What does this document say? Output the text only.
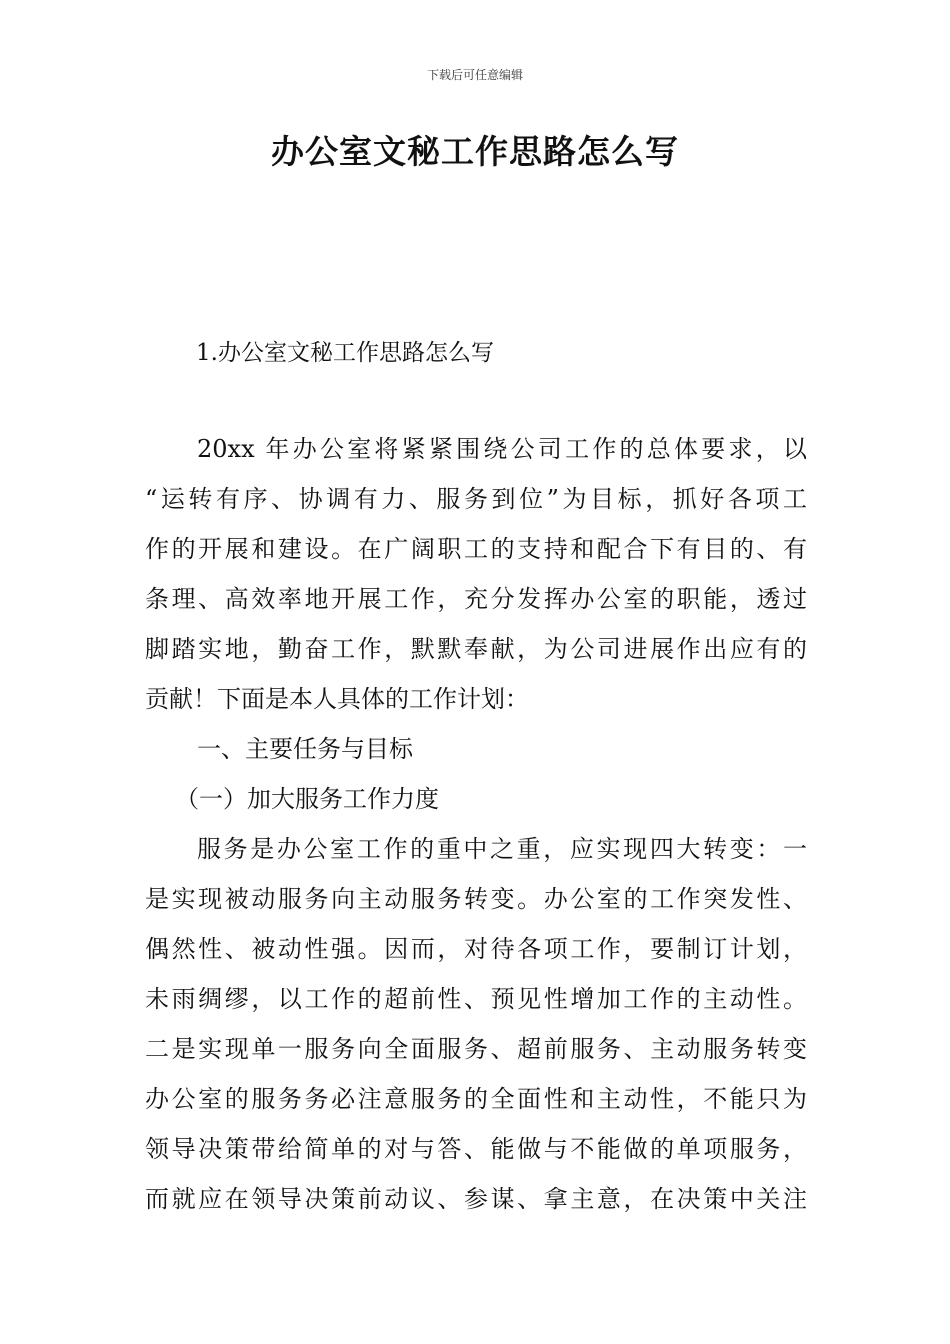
下载后可任意编辑
办公室文秘工作思路怎么写
1.办公室文秘工作思路怎么写
20xx 年办公室将紧紧围绕公司工作的总体要求，以
“运转有序、协调有力、服务到位”为目标，抓好各项工
作的开展和建设。在广阔职工的支持和配合下有目的、有
条理、高效率地开展工作，充分发挥办公室的职能，透过
脚踏实地，勤奋工作，默默奉献，为公司进展作出应有的
贡献！下面是本人具体的工作计划：
一、主要任务与目标
（一）加大服务工作力度
服务是办公室工作的重中之重，应实现四大转变：一
是实现被动服务向主动服务转变。办公室的工作突发性、
偶然性、被动性强。因而，对待各项工作，要制订计划，
未雨绸缪，以工作的超前性、预见性增加工作的主动性。
二是实现单一服务向全面服务、超前服务、主动服务转变
办公室的服务务必注意服务的全面性和主动性，不能只为
领导决策带给简单的对与答、能做与不能做的单项服务，
而就应在领导决策前动议、参谋、拿主意，在决策中关注
